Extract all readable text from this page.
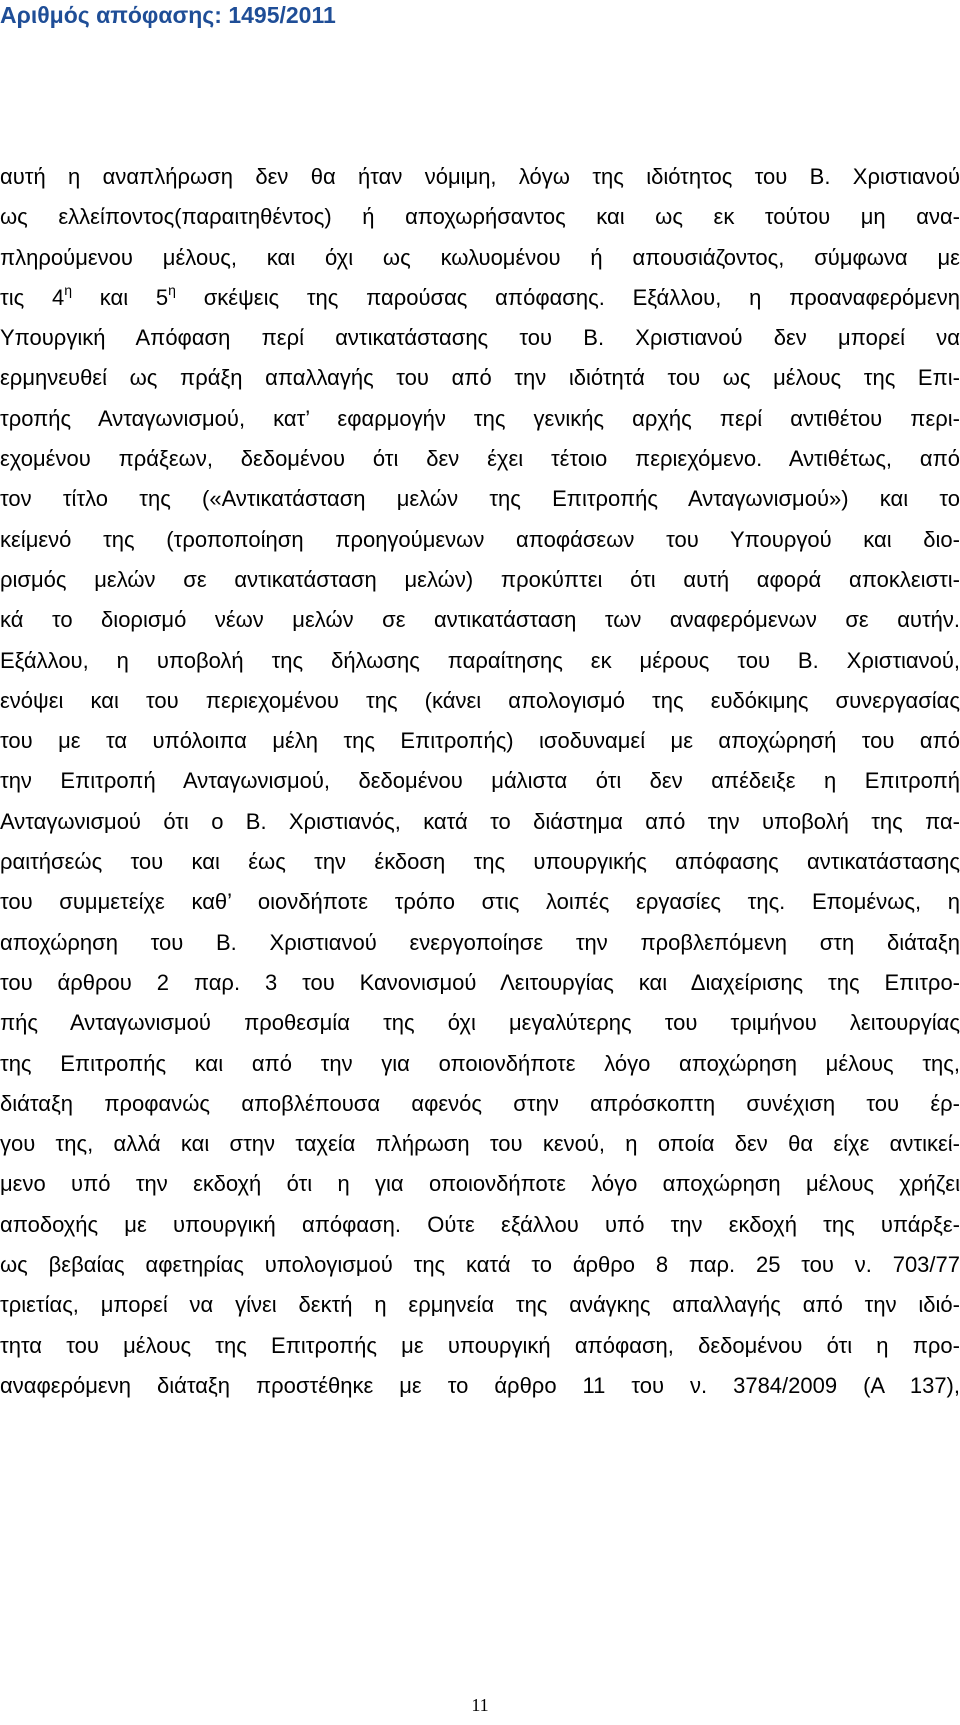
Αριθμός απόφασης: 1495/2011
αυτή η αναπλήρωση δεν θα ήταν νόμιμη, λόγω της ιδιότητος του Β. Χριστιανού
ως ελλείποντος(παραιτηθέντος) ή αποχωρήσαντος και ως εκ τούτου μη ανα-
πληρούμενου μέλους, και όχι ως κωλυομένου ή απουσιάζοντος, σύμφωνα με
τις $4^\eta$ και $5^\eta$ σκέψεις της παρούσας απόφασης. Εξάλλου, η προαναφερόμενη
Υπουργική Απόφαση περί αντικατάστασης του Β. Χριστιανού δεν μπορεί να
ερμηνευθεί ως πράξη απαλλαγής του από την ιδιότητά του ως μέλους της Επι-
τροπής Ανταγωνισμού, κατ’ εφαρμογήν της γενικής αρχής περί αντιθέτου περι-
εχομένου πράξεων, δεδομένου ότι δεν έχει τέτοιο περιεχόμενο. Αντιθέτως, από
τον τίτλο της («Αντικατάσταση μελών της Επιτροπής Ανταγωνισμού») και το
κείμενό της (τροποποίηση προηγούμενων αποφάσεων του Υπουργού και διο-
ρισμός μελών σε αντικατάσταση μελών) προκύπτει ότι αυτή αφορά αποκλειστι-
κά το διορισμό νέων μελών σε αντικατάσταση των αναφερόμενων σε αυτήν.
Εξάλλου, η υποβολή της δήλωσης παραίτησης εκ μέρους του Β. Χριστιανού,
ενόψει και του περιεχομένου της (κάνει απολογισμό της ευδόκιμης συνεργασίας
του με τα υπόλοιπα μέλη της Επιτροπής) ισοδυναμεί με αποχώρησή του από
την Επιτροπή Ανταγωνισμού, δεδομένου μάλιστα ότι δεν απέδειξε η Επιτροπή
Ανταγωνισμού ότι ο Β. Χριστιανός, κατά το διάστημα από την υποβολή της πα-
ραιτήσεώς του και έως την έκδοση της υπουργικής απόφασης αντικατάστασης
του συμμετείχε καθ’ οιονδήποτε τρόπο στις λοιπές εργασίες της. Επομένως, η
αποχώρηση του Β. Χριστιανού ενεργοποίησε την προβλεπόμενη στη διάταξη
του άρθρου 2 παρ. 3 του Κανονισμού Λειτουργίας και Διαχείρισης της Επιτρο-
πής Ανταγωνισμού προθεσμία της όχι μεγαλύτερης του τριμήνου λειτουργίας
της Επιτροπής και από την για οποιονδήποτε λόγο αποχώρηση μέλους της,
διάταξη προφανώς αποβλέπουσα αφενός στην απρόσκοπτη συνέχιση του έρ-
γου της, αλλά και στην ταχεία πλήρωση του κενού, η οποία δεν θα είχε αντικεί-
μενο υπό την εκδοχή ότι η για οποιονδήποτε λόγο αποχώρηση μέλους χρήζει
αποδοχής με υπουργική απόφαση. Ούτε εξάλλου υπό την εκδοχή της υπάρξε-
ως βεβαίας αφετηρίας υπολογισμού της κατά το άρθρο 8 παρ. 25 του ν. 703/77
τριετίας, μπορεί να γίνει δεκτή η ερμηνεία της ανάγκης απαλλαγής από την ιδιό-
τητα του μέλους της Επιτροπής με υπουργική απόφαση, δεδομένου ότι η προ-
αναφερόμενη διάταξη προστέθηκε με το άρθρο 11 του ν. 3784/2009 (Α 137),

11
